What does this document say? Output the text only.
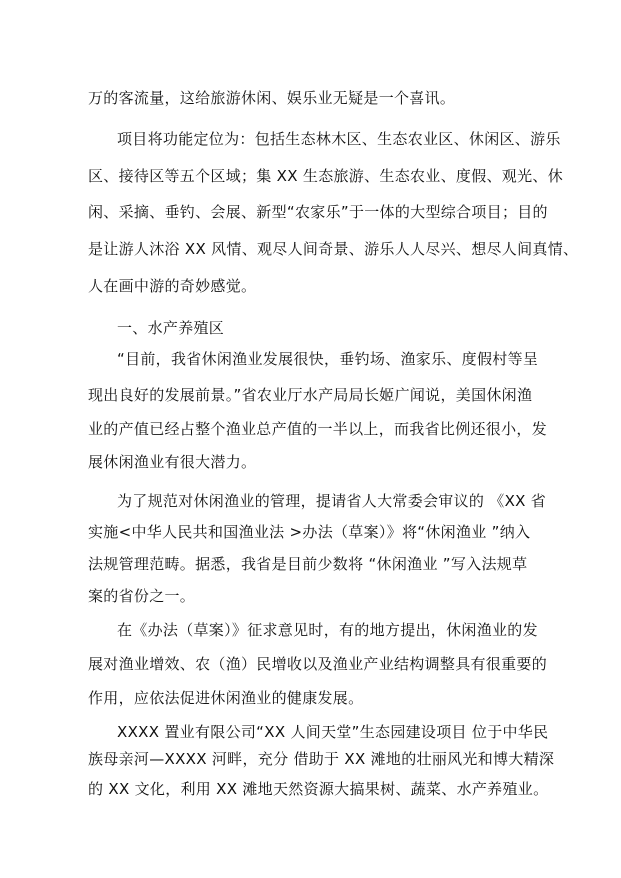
万的客流量，这给旅游休闲、娱乐业无疑是一个喜讯。
项目将功能定位为：包括生态林木区、生态农业区、休闲区、游乐
区、接待区等五个区域；集 XX 生态旅游、生态农业、度假、观光、休
闲、采摘、垂钓、会展、新型“农家乐”于一体的大型综合项目；目的
是让游人沐浴 XX 风情、观尽人间奇景、游乐人人尽兴、想尽人间真情、
人在画中游的奇妙感觉。
一、水产养殖区
“目前，我省休闲渔业发展很快，垂钓场、渔家乐、度假村等呈
现出良好的发展前景。”省农业厅水产局局长姬广闻说，美国休闲渔
业的产值已经占整个渔业总产值的一半以上，而我省比例还很小，发
展休闲渔业有很大潜力。
为了规范对休闲渔业的管理，提请省人大常委会审议的 《XX 省
实施<中华人民共和国渔业法 >办法（草案）》将“休闲渔业 ”纳入
法规管理范畴。据悉，我省是目前少数将 “休闲渔业 ”写入法规草
案的省份之一。
在《办法（草案）》征求意见时，有的地方提出，休闲渔业的发
展对渔业增效、农（渔）民增收以及渔业产业结构调整具有很重要的
作用，应依法促进休闲渔业的健康发展。
XXXX 置业有限公司“XX 人间天堂”生态园建设项目 位于中华民
族母亲河—XXXX 河畔，充分 借助于 XX 滩地的壮丽风光和博大精深
的 XX 文化，利用 XX 滩地天然资源大搞果树、蔬菜、水产养殖业。
